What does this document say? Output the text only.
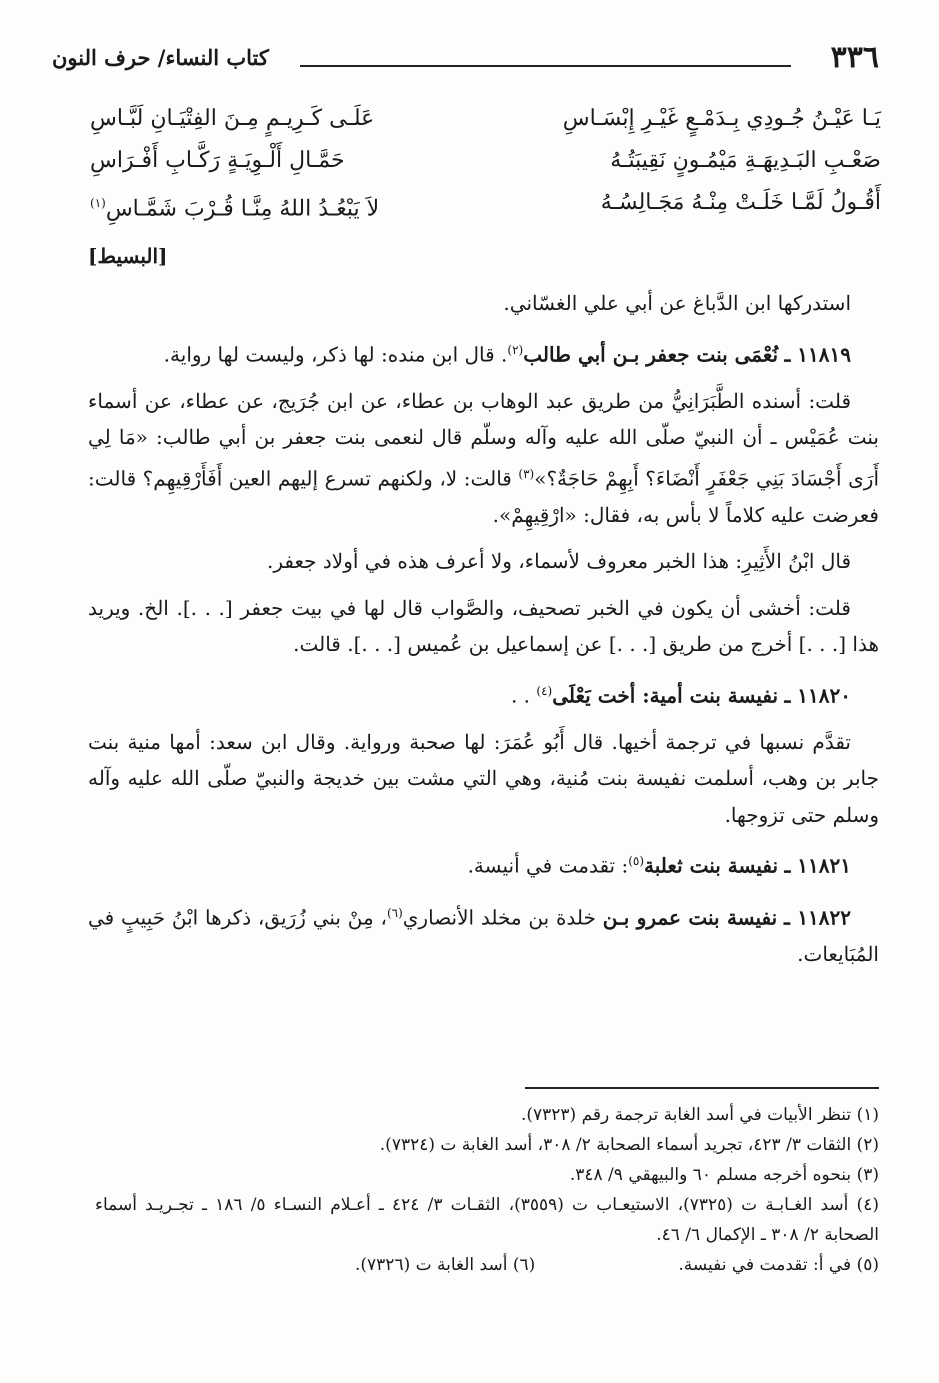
٣٣٦
كتاب النساء/ حرف النون
يَـا عَيْـنُ جُـودِي بِـدَمْـعٍ غَيْـرِ إِبْسَـاسِ
عَلَـى كَـرِيـمٍ مِـنَ الفِتْيَـانِ لَبَّـاسِ
صَعْـبِ البَـدِيهَـةِ مَيْمُـونٍ نَقِيبَتُـهُ
حَمَّـالِ أَلْـوِيَـةٍ رَكَّـابِ أَفْـرَاسِ
أَقُـولُ لَمَّـا خَلَـتْ مِنْـهُ مَجَـالِسُـهُ
لاَ يَبْعُـدُ اللهُ مِنَّـا قُـرْبَ شَمَّـاسِ$^{(١)}$
[البسيط]

استدركها ابن الدَّباغ عن أبي علي الغسّاني.

١١٨١٩ ـ نُعْمَى بنت جعفر بـن أبي طالب$^{(٢)}$. قال ابن منده: لها ذكر، وليست لها رواية.

قلت: أسنده الطَّبَرَانِيُّ من طريق عبد الوهاب بن عطاء، عن ابن جُرَيج، عن عطاء، عن أسماء بنت عُمَيْس ـ أن النبيّ صلّى الله عليه وآله وسلّم قال لنعمى بنت جعفر بن أبي طالب: «مَا لِي أَرَى أَجْسَادَ بَنِي جَعْفَرٍ أَنْضَاءَ؟ أَبِهِمْ حَاجَةٌ؟»$^{(٣)}$ قالت: لا، ولكنهم تسرع إليهم العين أَفَأَرْقِيهِم؟ قالت: فعرضت عليه كلاماً لا بأس به، فقال: «ارْقِيهِمْ».

قال ابْنُ الأَثِيرِ: هذا الخبر معروف لأسماء، ولا أعرف هذه في أولاد جعفر.

قلت: أخشى أن يكون في الخبر تصحيف، والصَّواب قال لها في بيت جعفر [. . .]. الخ. ويريد هذا [. . .] أخرج من طريق [. . .] عن إسماعيل بن عُميس [. . .]. قالت.

١١٨٢٠ ـ نفيسة بنت أمية: أخت يَعْلَى$^{(٤)}$ . .

تقدَّم نسبها في ترجمة أخيها. قال أَبُو عُمَرَ: لها صحبة ورواية. وقال ابن سعد: أمها منية بنت جابر بن وهب، أسلمت نفيسة بنت مُنية، وهي التي مشت بين خديجة والنبيّ صلّى الله عليه وآله وسلم حتى تزوجها.

١١٨٢١ ـ نفيسة بنت ثعلبة$^{(٥)}$: تقدمت في أنيسة.

١١٨٢٢ ـ نفيسة بنت عمرو بـن خلدة بن مخلد الأنصاري$^{(٦)}$، مِنْ بني زُرَيق، ذكرها ابْنُ حَبِيبٍ في المُبَايعات.

(١) تنظر الأبيات في أسد الغابة ترجمة رقم (٧٣٢٣).

(٢) الثقات ٣/ ٤٢٣، تجريد أسماء الصحابة ٢/ ٣٠٨، أسد الغابة ت (٧٣٢٤).

(٣) بنحوه أخرجه مسلم ٦٠ والبيهقي ٩/ ٣٤٨.

(٤) أسد الغـابـة ت (٧٣٢٥)، الاستيعـاب ت (٣٥٥٩)، الثقـات ٣/ ٤٢٤ ـ أعـلام النسـاء ٥/ ١٨٦ ـ تجـريـد أسماء الصحابة ٢/ ٣٠٨ ـ الإكمال ٦/ ٤٦.

(٥) في أ: تقدمت في نفيسة.
(٦) أسد الغابة ت (٧٣٢٦).
